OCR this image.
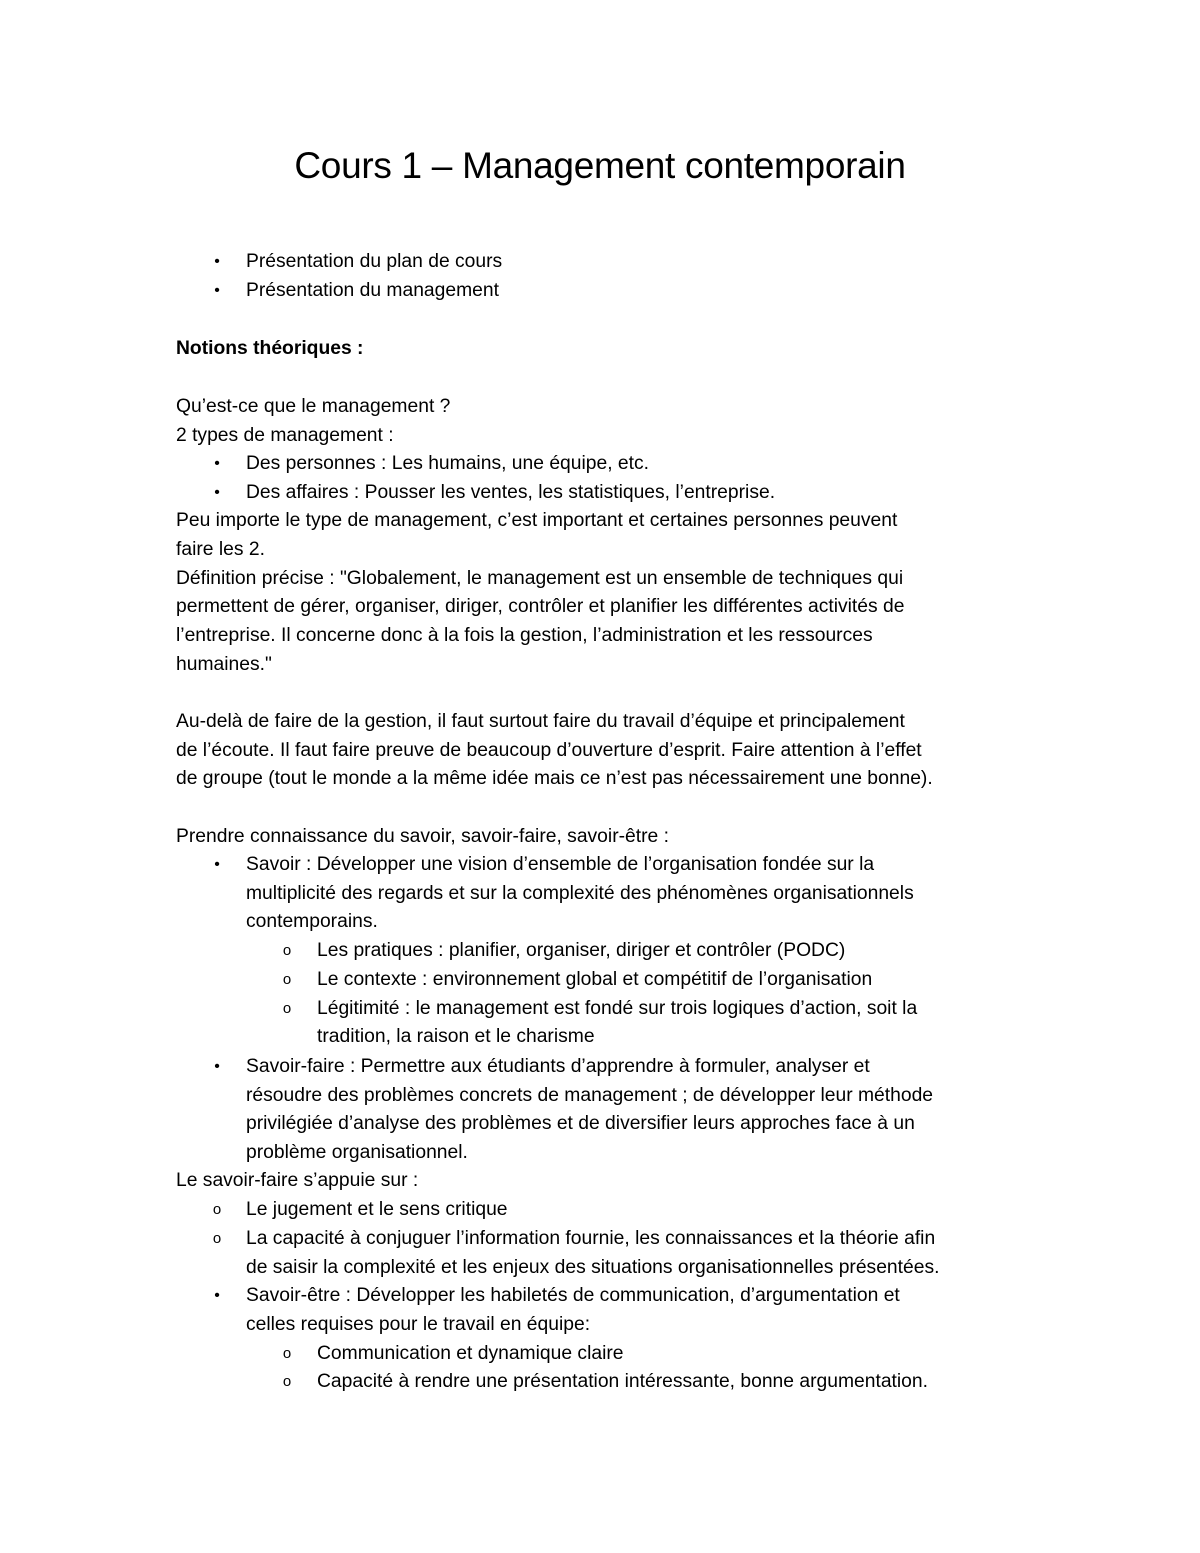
Cours 1 – Management contemporain
•	Présentation du plan de cours

•	Présentation du management

Notions théoriques :

Qu’est-ce que le management ?

2 types de management :

•	Des personnes : Les humains, une équipe, etc.

•	Des affaires : Pousser les ventes, les statistiques, l’entreprise.

Peu importe le type de management, c’est important et certaines personnes peuvent

faire les 2.

Définition précise : "Globalement, le management est un ensemble de techniques qui

permettent de gérer, organiser, diriger, contrôler et planifier les différentes activités de

l’entreprise. Il concerne donc à la fois la gestion, l’administration et les ressources

humaines."

Au-delà de faire de la gestion, il faut surtout faire du travail d’équipe et principalement

de l’écoute. Il faut faire preuve de beaucoup d’ouverture d’esprit. Faire attention à l’effet

de groupe (tout le monde a la même idée mais ce n’est pas nécessairement une bonne).

Prendre connaissance du savoir, savoir-faire, savoir-être :

•	Savoir : Développer une vision d’ensemble de l’organisation fondée sur la

multiplicité des regards et sur la complexité des phénomènes organisationnels

contemporains.

o	Les pratiques : planifier, organiser, diriger et contrôler (PODC)

o	Le contexte : environnement global et compétitif de l’organisation

o	Légitimité : le management est fondé sur trois logiques d’action, soit la

tradition, la raison et le charisme

•	Savoir-faire : Permettre aux étudiants d’apprendre à formuler, analyser et

résoudre des problèmes concrets de management ; de développer leur méthode

privilégiée d’analyse des problèmes et de diversifier leurs approches face à un

problème organisationnel.

Le savoir-faire s’appuie sur :

o	Le jugement et le sens critique

o	La capacité à conjuguer l’information fournie, les connaissances et la théorie afin

de saisir la complexité et les enjeux des situations organisationnelles présentées.

•	Savoir-être : Développer les habiletés de communication, d’argumentation et

celles requises pour le travail en équipe:

o	Communication et dynamique claire

o	Capacité à rendre une présentation intéressante, bonne argumentation.
